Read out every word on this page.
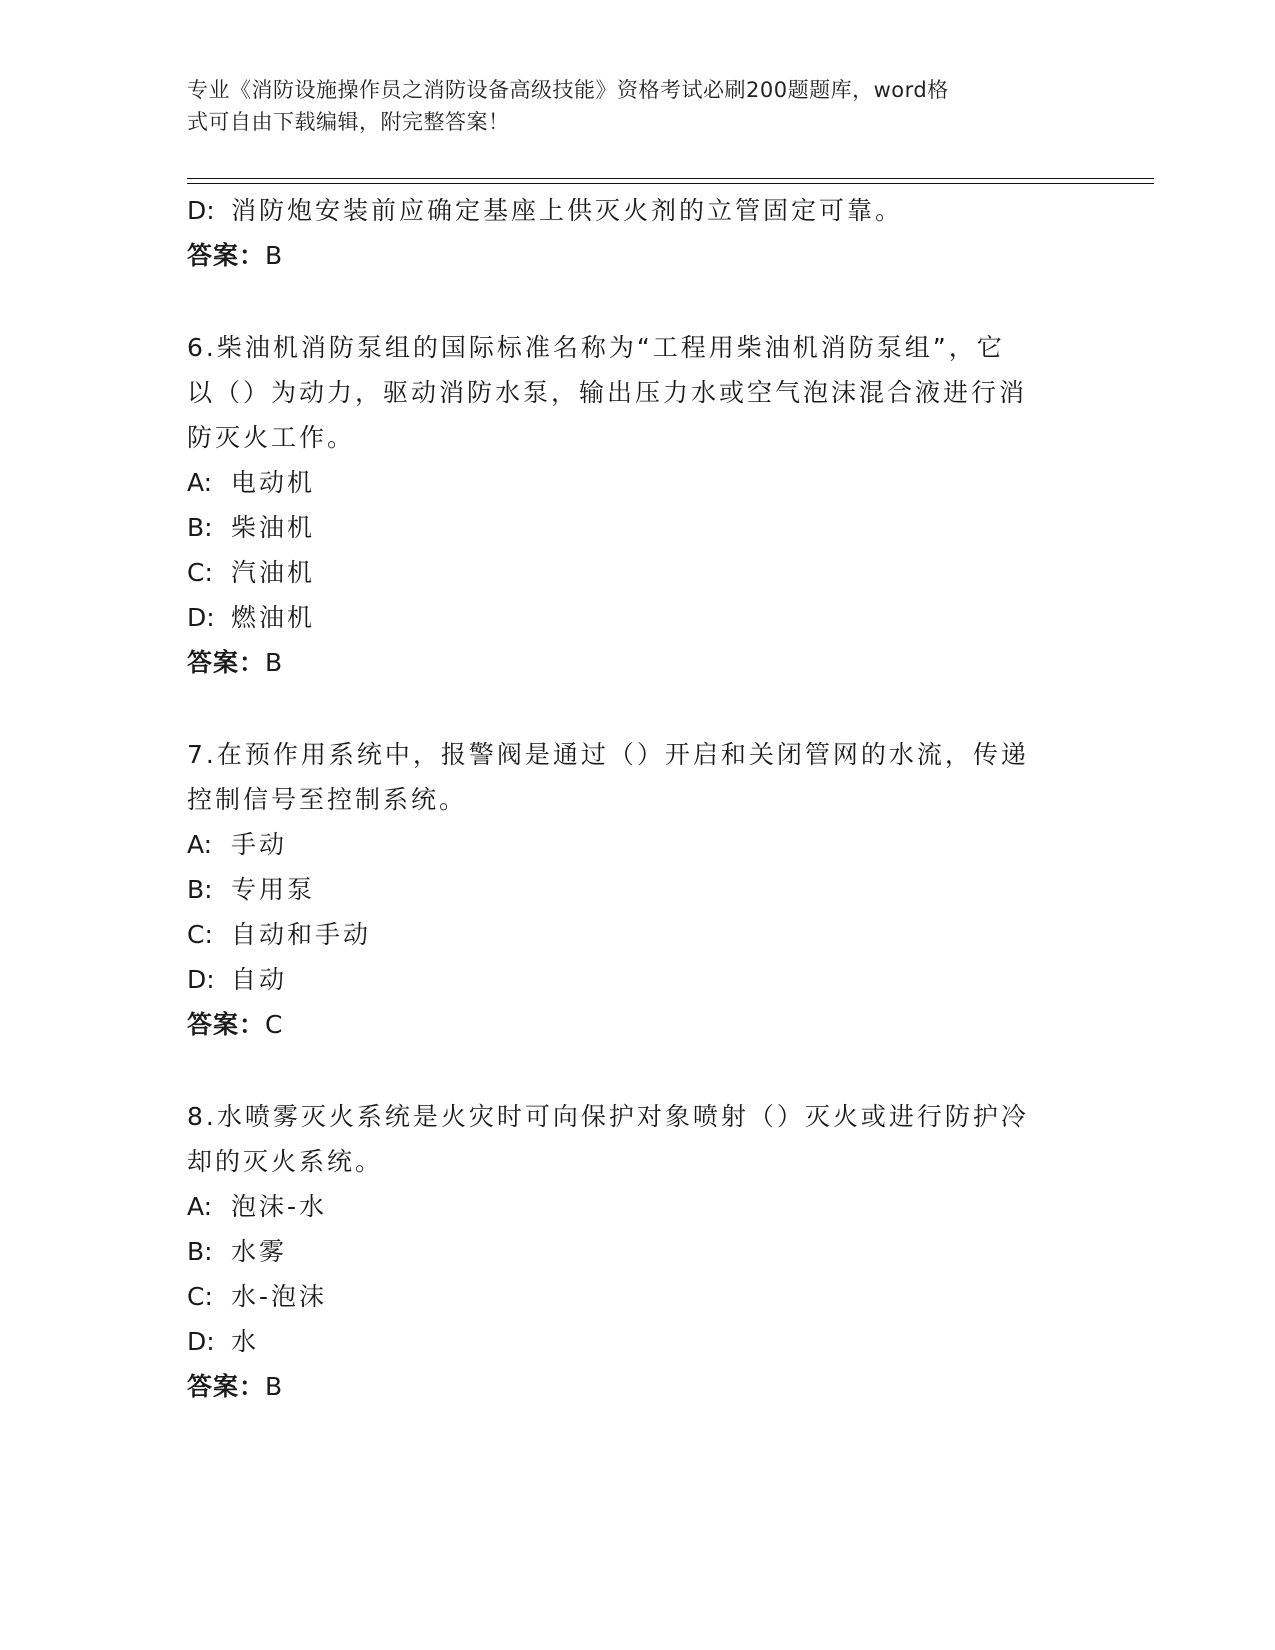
专业《消防设施操作员之消防设备高级技能》资格考试必刷200题题库，word格
式可自由下载编辑，附完整答案！
D: 消防炮安装前应确定基座上供灭火剂的立管固定可靠。
答案：B
6.柴油机消防泵组的国际标准名称为“工程用柴油机消防泵组”，它
以（）为动力，驱动消防水泵，输出压力水或空气泡沫混合液进行消
防灭火工作。
A: 电动机
B: 柴油机
C: 汽油机
D: 燃油机
答案：B
7.在预作用系统中，报警阀是通过（）开启和关闭管网的水流，传递
控制信号至控制系统。
A: 手动
B: 专用泵
C: 自动和手动
D: 自动
答案：C
8.水喷雾灭火系统是火灾时可向保护对象喷射（）灭火或进行防护冷
却的灭火系统。
A: 泡沫-水
B: 水雾
C: 水-泡沫
D: 水
答案：B
